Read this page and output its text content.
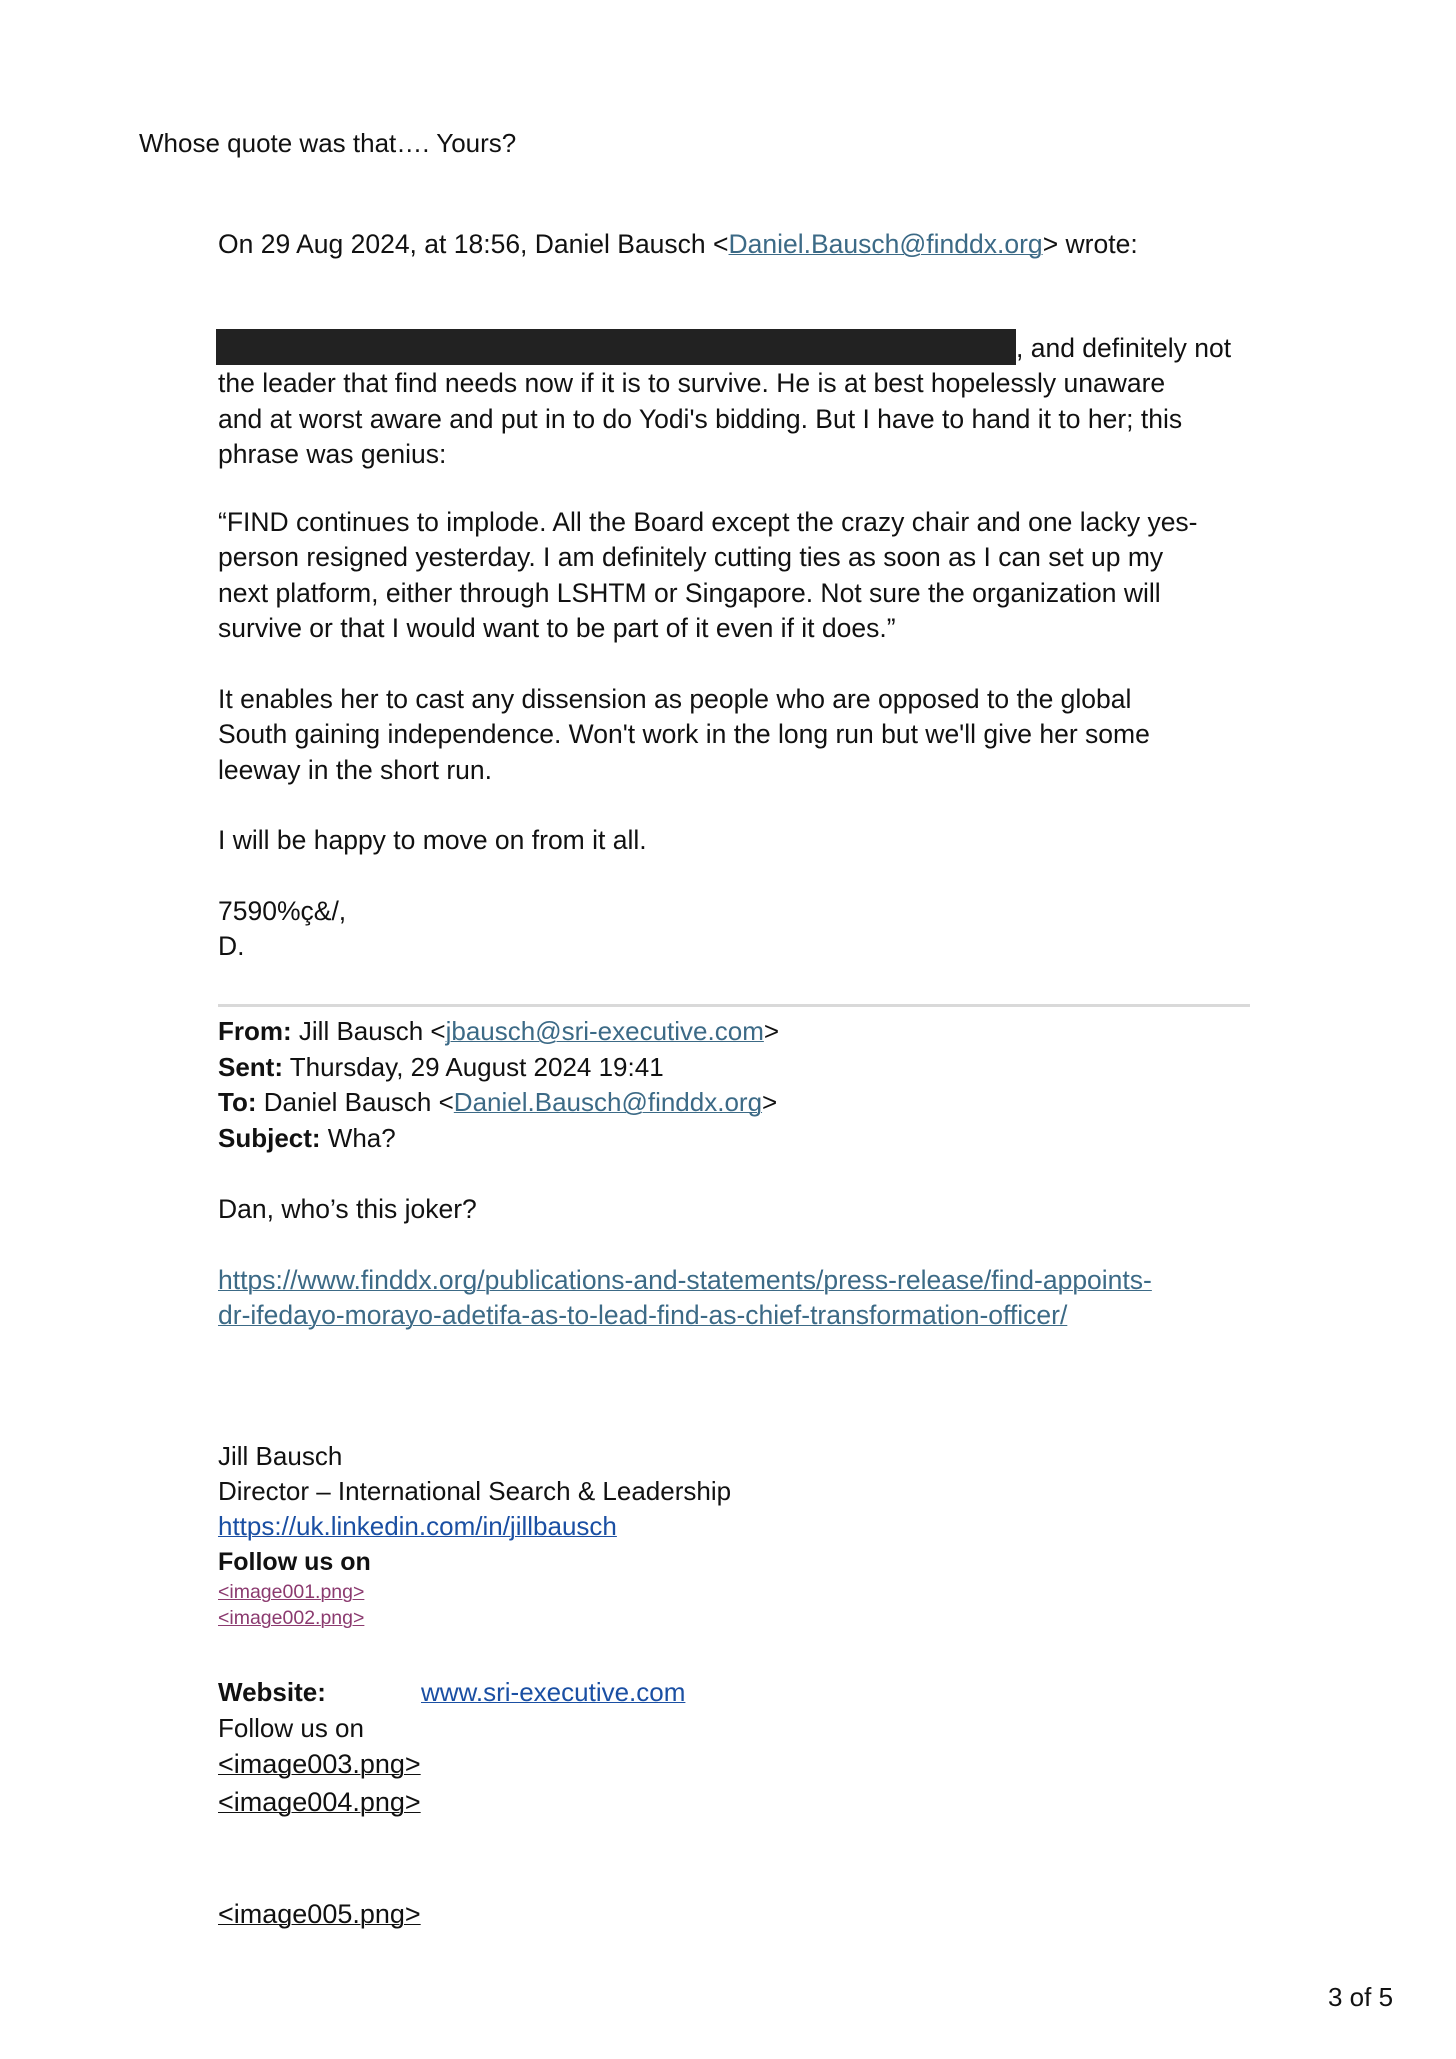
Whose quote was that…. Yours?
On 29 Aug 2024, at 18:56, Daniel Bausch <Daniel.Bausch@finddx.org> wrote:

, and definitely not

the leader that find needs now if it is to survive. He is at best hopelessly unaware

and at worst aware and put in to do Yodi's bidding. But I have to hand it to her; this

phrase was genius:

“FIND continues to implode. All the Board except the crazy chair and one lacky yes-

person resigned yesterday. I am definitely cutting ties as soon as I can set up my

next platform, either through LSHTM or Singapore. Not sure the organization will

survive or that I would want to be part of it even if it does.”

It enables her to cast any dissension as people who are opposed to the global

South gaining independence. Won't work in the long run but we'll give her some

leeway in the short run.

I will be happy to move on from it all.

7590%ç&/,

D.

From: Jill Bausch <jbausch@sri-executive.com>

Sent: Thursday, 29 August 2024 19:41

To: Daniel Bausch <Daniel.Bausch@finddx.org>

Subject: Wha?

Dan, who’s this joker?

https://www.finddx.org/publications-and-statements/press-release/find-appoints-

dr-ifedayo-morayo-adetifa-as-to-lead-find-as-chief-transformation-officer/

Jill Bausch
Director – International Search & Leadership
https://uk.linkedin.com/in/jillbausch
Follow us on
<image001.png>
<image002.png>
Website:	www.sri-executive.com
Follow us on
<image003.png>
<image004.png>
<image005.png>
3 of 5
